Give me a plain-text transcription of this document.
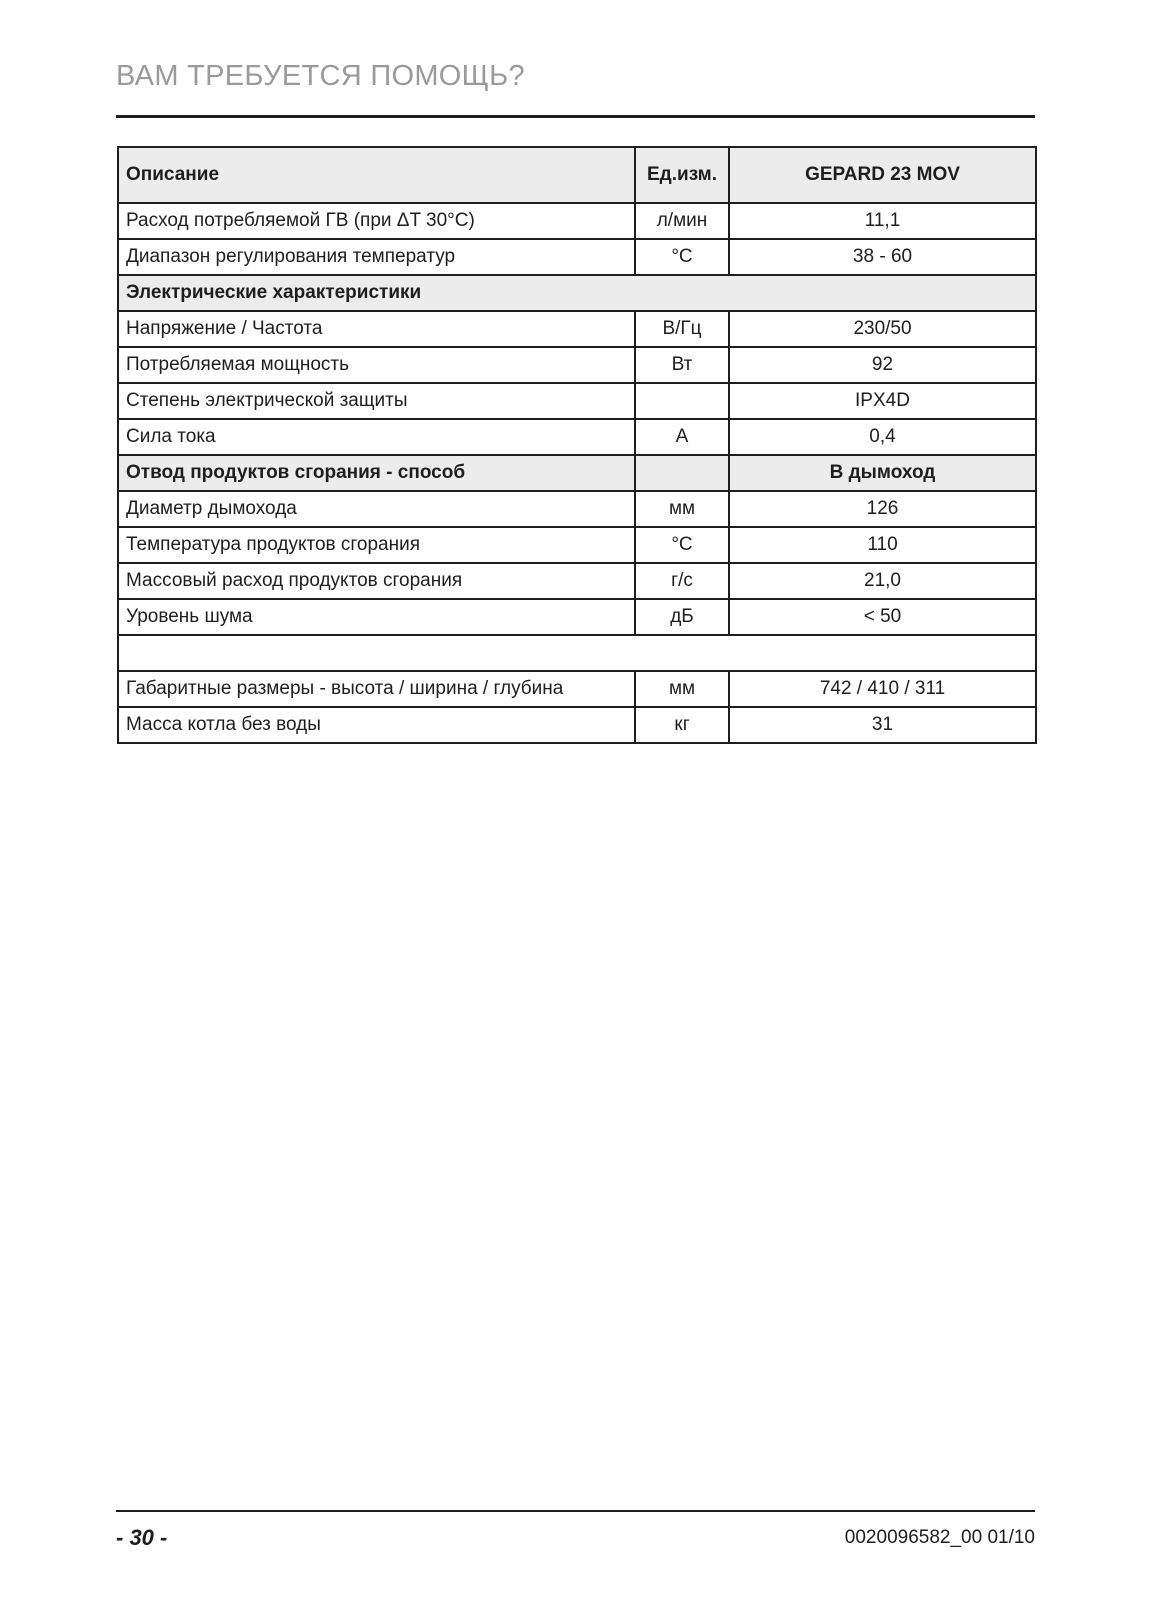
ВАМ ТРЕБУЕТСЯ ПОМОЩЬ?
Описание	Ед.изм.	GEPARD 23 MOV
Расход потребляемой ГВ (при ΔT 30°C)	л/мин	11,1
Диапазон регулирования температур	°C	38 - 60
Электрические характеристики		
Напряжение / Частота	В/Гц	230/50
Потребляемая мощность	Вт	92
Степень электрической защиты		IPX4D
Сила тока	A	0,4
Отвод продуктов сгорания - способ		В дымоход
Диаметр дымохода	мм	126
Температура продуктов сгорания	°C	110
Массовый расход продуктов сгорания	г/с	21,0
Уровень шума	дБ	< 50

Габаритные размеры - высота / ширина / глубина	мм	742 / 410 / 311
Масса котла без воды	кг	31
- 30 -	0020096582_00 01/10
